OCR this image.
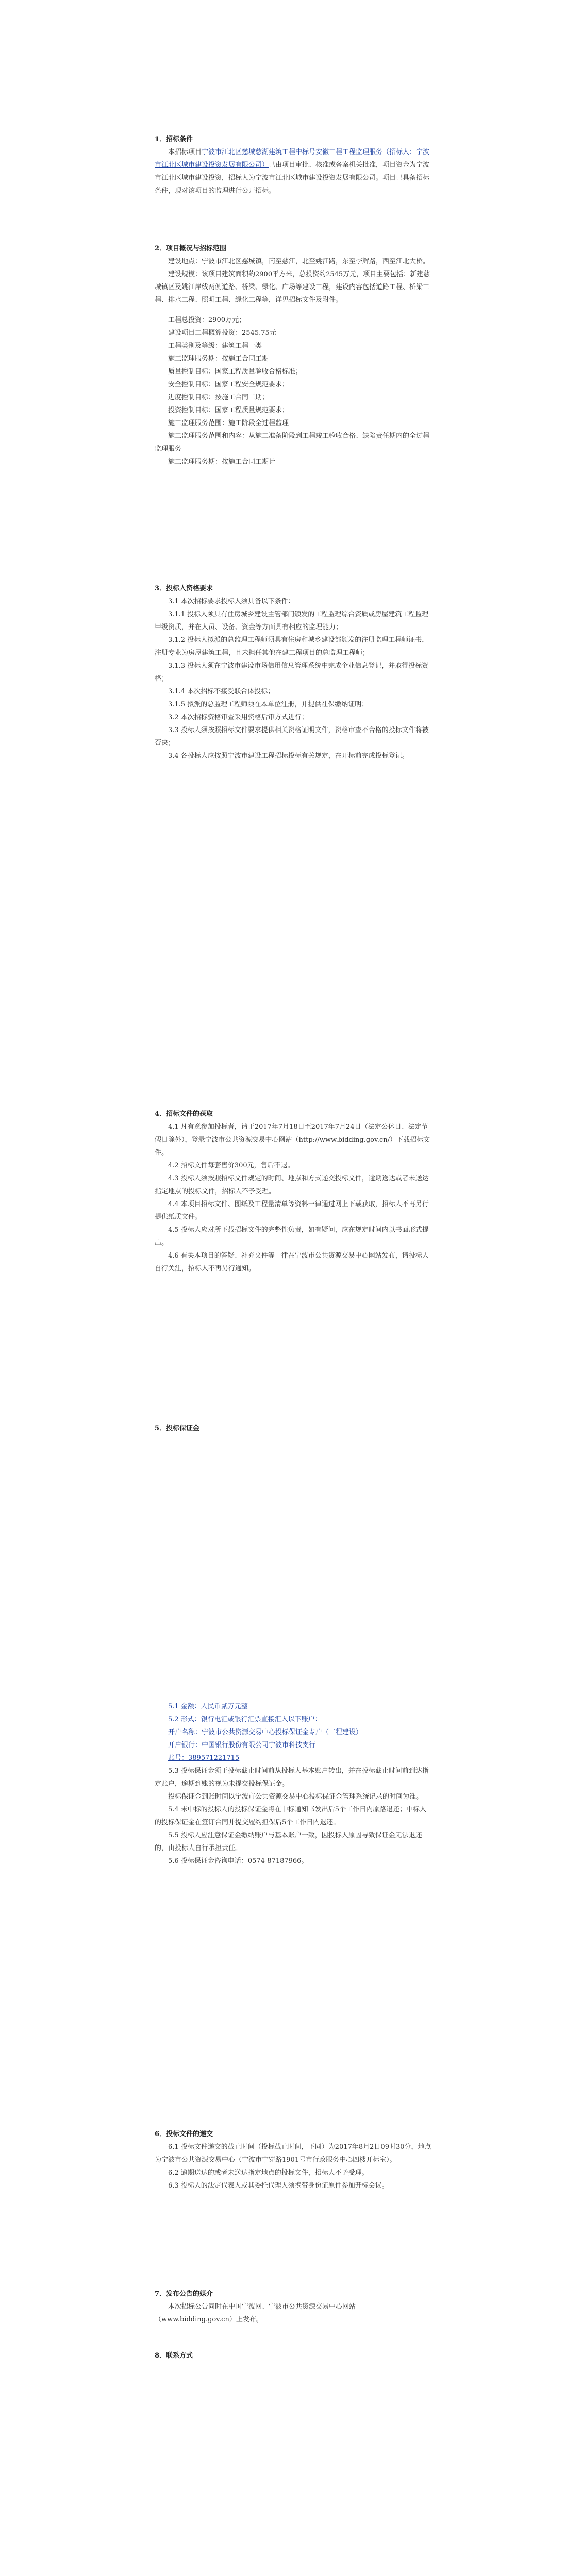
1．招标条件

本招标项目宁波市江北区慈城慈湖建筑工程中标号安徽工程工程监理服务（招标人：宁波市江北区城市建设投资发展有限公司）已由项目审批、核准或备案机关批准，项目资金为宁波市江北区城市建设投资，招标人为宁波市江北区城市建设投资发展有限公司。项目已具备招标条件，现对该项目的监理进行公开招标。

2．项目概况与招标范围

建设地点：宁波市江北区慈城镇，南至慈江，北至姚江路，东至李辉路，西至江北大桥。

建设规模：该项目建筑面积约2900平方米，总投资约2545万元，项目主要包括：新建慈城镇区及姚江岸线两侧道路、桥梁、绿化、广场等建设工程，建设内容包括道路工程、桥梁工程、排水工程、照明工程、绿化工程等，详见招标文件及附件。

工程总投资：2900万元；

建设项目工程概算投资：2545.75元

工程类别及等级：建筑工程一类

施工监理服务期：按施工合同工期

质量控制目标：国家工程质量验收合格标准；

安全控制目标：国家工程安全规范要求；

进度控制目标：按施工合同工期；

投资控制目标：国家工程质量规范要求；

施工监理服务范围：施工阶段全过程监理

施工监理服务范围和内容：从施工准备阶段到工程竣工验收合格、缺陷责任期内的全过程监理服务

施工监理服务期：按施工合同工期计

3．投标人资格要求

3.1 本次招标要求投标人须具备以下条件：

3.1.1 投标人须具有住房城乡建设主管部门颁发的工程监理综合资质或房屋建筑工程监理甲级资质，并在人员、设备、资金等方面具有相应的监理能力；

3.1.2 投标人拟派的总监理工程师须具有住房和城乡建设部颁发的注册监理工程师证书，注册专业为房屋建筑工程，且未担任其他在建工程项目的总监理工程师；

3.1.3 投标人须在宁波市建设市场信用信息管理系统中完成企业信息登记，并取得投标资格；

3.1.4 本次招标不接受联合体投标；

3.1.5 拟派的总监理工程师须在本单位注册，并提供社保缴纳证明；

3.2 本次招标资格审查采用资格后审方式进行；

3.3 投标人须按照招标文件要求提供相关资格证明文件，资格审查不合格的投标文件将被否决；

3.4 各投标人应按照宁波市建设工程招标投标有关规定，在开标前完成投标登记。

4．招标文件的获取

4.1 凡有意参加投标者，请于2017年7月18日至2017年7月24日（法定公休日、法定节假日除外），登录宁波市公共资源交易中心网站（http://www.bidding.gov.cn/）下载招标文件。

4.2 招标文件每套售价300元，售后不退。

4.3 投标人须按照招标文件规定的时间、地点和方式递交投标文件，逾期送达或者未送达指定地点的投标文件，招标人不予受理。

4.4 本项目招标文件、图纸及工程量清单等资料一律通过网上下载获取，招标人不再另行提供纸质文件。

4.5 投标人应对所下载招标文件的完整性负责，如有疑问，应在规定时间内以书面形式提出。

4.6 有关本项目的答疑、补充文件等一律在宁波市公共资源交易中心网站发布，请投标人自行关注，招标人不再另行通知。

5．投标保证金

5.1 金额：人民币贰万元整

5.2 形式：银行电汇或银行汇票直接汇入以下账户：

开户名称：宁波市公共资源交易中心投标保证金专户（工程建设）

开户银行：中国银行股份有限公司宁波市科技支行

账号：389571221715

5.3 投标保证金须于投标截止时间前从投标人基本账户转出，并在投标截止时间前到达指定账户，逾期到账的视为未提交投标保证金。

投标保证金到账时间以宁波市公共资源交易中心投标保证金管理系统记录的时间为准。

5.4 未中标的投标人的投标保证金将在中标通知书发出后5个工作日内原路退还；中标人的投标保证金在签订合同并提交履约担保后5个工作日内退还。

5.5 投标人应注意保证金缴纳账户与基本账户一致，因投标人原因导致保证金无法退还的，由投标人自行承担责任。

5.6 投标保证金咨询电话：0574-87187966。

6．投标文件的递交

6.1 投标文件递交的截止时间（投标截止时间，下同）为2017年8月2日09时30分，地点为宁波市公共资源交易中心（宁波市宁穿路1901号市行政服务中心四楼开标室）。

6.2 逾期送达的或者未送达指定地点的投标文件，招标人不予受理。

6.3 投标人的法定代表人或其委托代理人须携带身份证原件参加开标会议。

7．发布公告的媒介

本次招标公告同时在中国宁波网、宁波市公共资源交易中心网站（www.bidding.gov.cn）上发布。

8．联系方式
